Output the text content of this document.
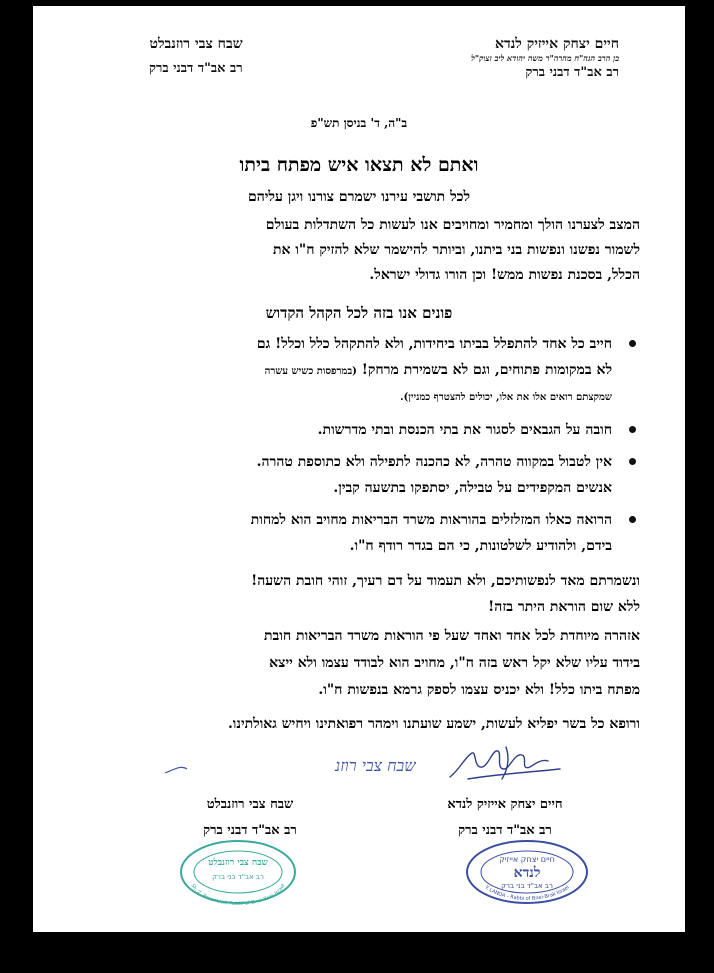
חיים יצחק אייזיק לנדא
בן הרב הגה"ח מהרה"ר משה יהודא ליב זצוק"ל
רב אב"ד דבני ברק
שבח צבי רוזנבלט
רב אב"ד דבני ברק
ב"ה, ד' בניסן תש"פ
ואתם לא תצאו איש מפתח ביתו
לכל תושבי עירנו ישמרם צורנו ויגן עליהם
המצב לצערנו הולך ומחמיר ומחויבים אנו לעשות כל השתדלות בעולם
לשמור נפשנו ונפשות בני ביתנו, וביותר להישמר שלא להזיק ח"ו את
הכלל, בסכנת נפשות ממש! וכן הורו גדולי ישראל.
פונים אנו בזה לכל הקהל הקדוש
חייב כל אחד להתפלל בביתו ביחידות, ולא להתקהל כלל וכלל! גם
לא במקומות פתוחים, וגם לא בשמירת מרחק! (במרפסות כשיש עשרה
שמקצתם רואים אלו את אלו, יכולים להצטרף כמניין).
חובה על הגבאים לסגור את בתי הכנסת ובתי מדרשות.
אין לטבול במקווה טהרה, לא כהכנה לתפילה ולא כתוספת טהרה.
אנשים המקפידים על טבילה, יסתפקו בתשעה קבין.
הרואה כאלו המזלזלים בהוראות משרד הבריאות מחויב הוא למחות
בידם, ולהודיע לשלטונות, כי הם בגדר רודף ח"ו.
ונשמרתם מאד לנפשותיכם, ולא תעמוד על דם רעיך, זוהי חובת השעה!
ללא שום הוראת היתר בזה!
אזהרה מיוחדת לכל אחד ואחד שעל פי הוראות משרד הבריאות חובת
בידוד עליו שלא יקל ראש בזה ח"ו, מחויב הוא לבודד עצמו ולא ייצא
מפתח ביתו כלל! ולא יכניס עצמו לספק גרמא בנפשות ח"ו.
ורופא כל בשר יפליא לעשות, ישמע שועתנו וימהר רפואתינו ויחיש גאולתינו.
חיים יצחק אייזיק לנדא
רב אב"ד דבני ברק
שבח צבי רוזנ
שבח צבי רוזנבלט
רב אב"ד דבני ברק
חיים יצחק אייזיק
לנדא
רב אב"ד בני ברק
Y. LANDA - Rabbi of Bnei-Brak Israel
שבח צבי רוזנבלט
רב אב"ד בני ברק
Sh. Z. Rosenblatt Rabbi of Bnei-Brak Israel
